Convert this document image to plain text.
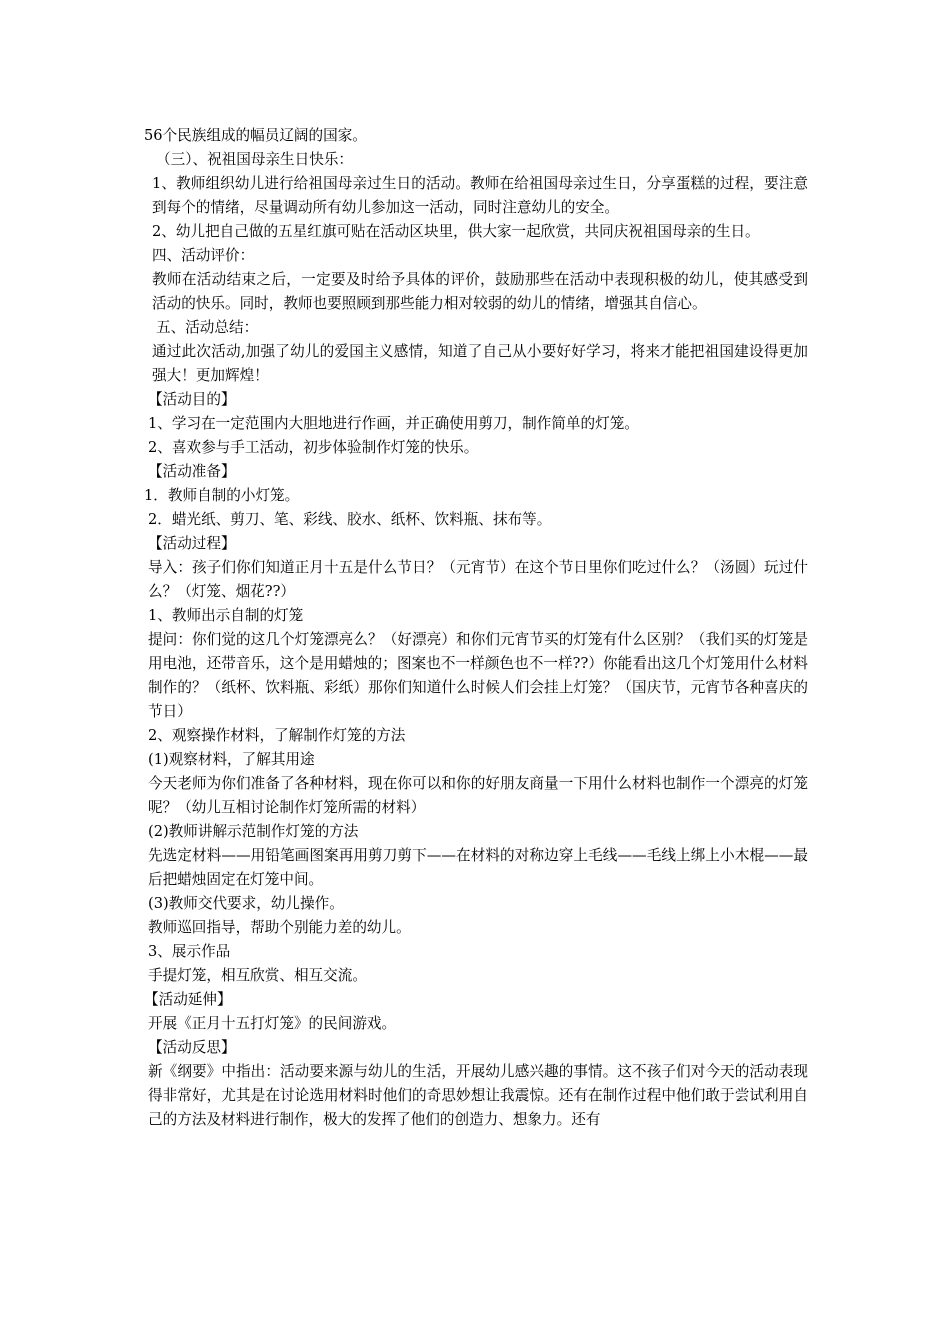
56个民族组成的幅员辽阔的国家。

（三）、祝祖国母亲生日快乐：

1、教师组织幼儿进行给祖国母亲过生日的活动。教师在给祖国母亲过生日，分享蛋糕的过程，要注意到每个的情绪，尽量调动所有幼儿参加这一活动，同时注意幼儿的安全。

2、幼儿把自己做的五星红旗可贴在活动区块里，供大家一起欣赏，共同庆祝祖国母亲的生日。

四、活动评价：

教师在活动结束之后，一定要及时给予具体的评价，鼓励那些在活动中表现积极的幼儿，使其感受到活动的快乐。同时，教师也要照顾到那些能力相对较弱的幼儿的情绪，增强其自信心。

五、活动总结：

通过此次活动,加强了幼儿的爱国主义感情，知道了自己从小要好好学习，将来才能把祖国建设得更加强大！更加辉煌！

【活动目的】

1、学习在一定范围内大胆地进行作画，并正确使用剪刀，制作简单的灯笼。

2、喜欢参与手工活动，初步体验制作灯笼的快乐。

【活动准备】

1．教师自制的小灯笼。

2．蜡光纸、剪刀、笔、彩线、胶水、纸杯、饮料瓶、抹布等。

【活动过程】

导入：孩子们你们知道正月十五是什么节日？（元宵节）在这个节日里你们吃过什么？（汤圆）玩过什么？（灯笼、烟花??）

1、教师出示自制的灯笼

提问：你们觉的这几个灯笼漂亮么？（好漂亮）和你们元宵节买的灯笼有什么区别？（我们买的灯笼是用电池，还带音乐，这个是用蜡烛的；图案也不一样颜色也不一样??）你能看出这几个灯笼用什么材料制作的？（纸杯、饮料瓶、彩纸）那你们知道什么时候人们会挂上灯笼？（国庆节，元宵节各种喜庆的节日）

2、观察操作材料，了解制作灯笼的方法

(1)观察材料，了解其用途

今天老师为你们准备了各种材料，现在你可以和你的好朋友商量一下用什么材料也制作一个漂亮的灯笼呢？（幼儿互相讨论制作灯笼所需的材料）

(2)教师讲解示范制作灯笼的方法

先选定材料——用铅笔画图案再用剪刀剪下——在材料的对称边穿上毛线——毛线上绑上小木棍——最后把蜡烛固定在灯笼中间。

(3)教师交代要求，幼儿操作。

教师巡回指导，帮助个别能力差的幼儿。

3、展示作品

手提灯笼，相互欣赏、相互交流。

【活动延伸】

开展《正月十五打灯笼》的民间游戏。

【活动反思】

新《纲要》中指出：活动要来源与幼儿的生活，开展幼儿感兴趣的事情。这不孩子们对今天的活动表现得非常好，尤其是在讨论选用材料时他们的奇思妙想让我震惊。还有在制作过程中他们敢于尝试利用自己的方法及材料进行制作，极大的发挥了他们的创造力、想象力。还有
